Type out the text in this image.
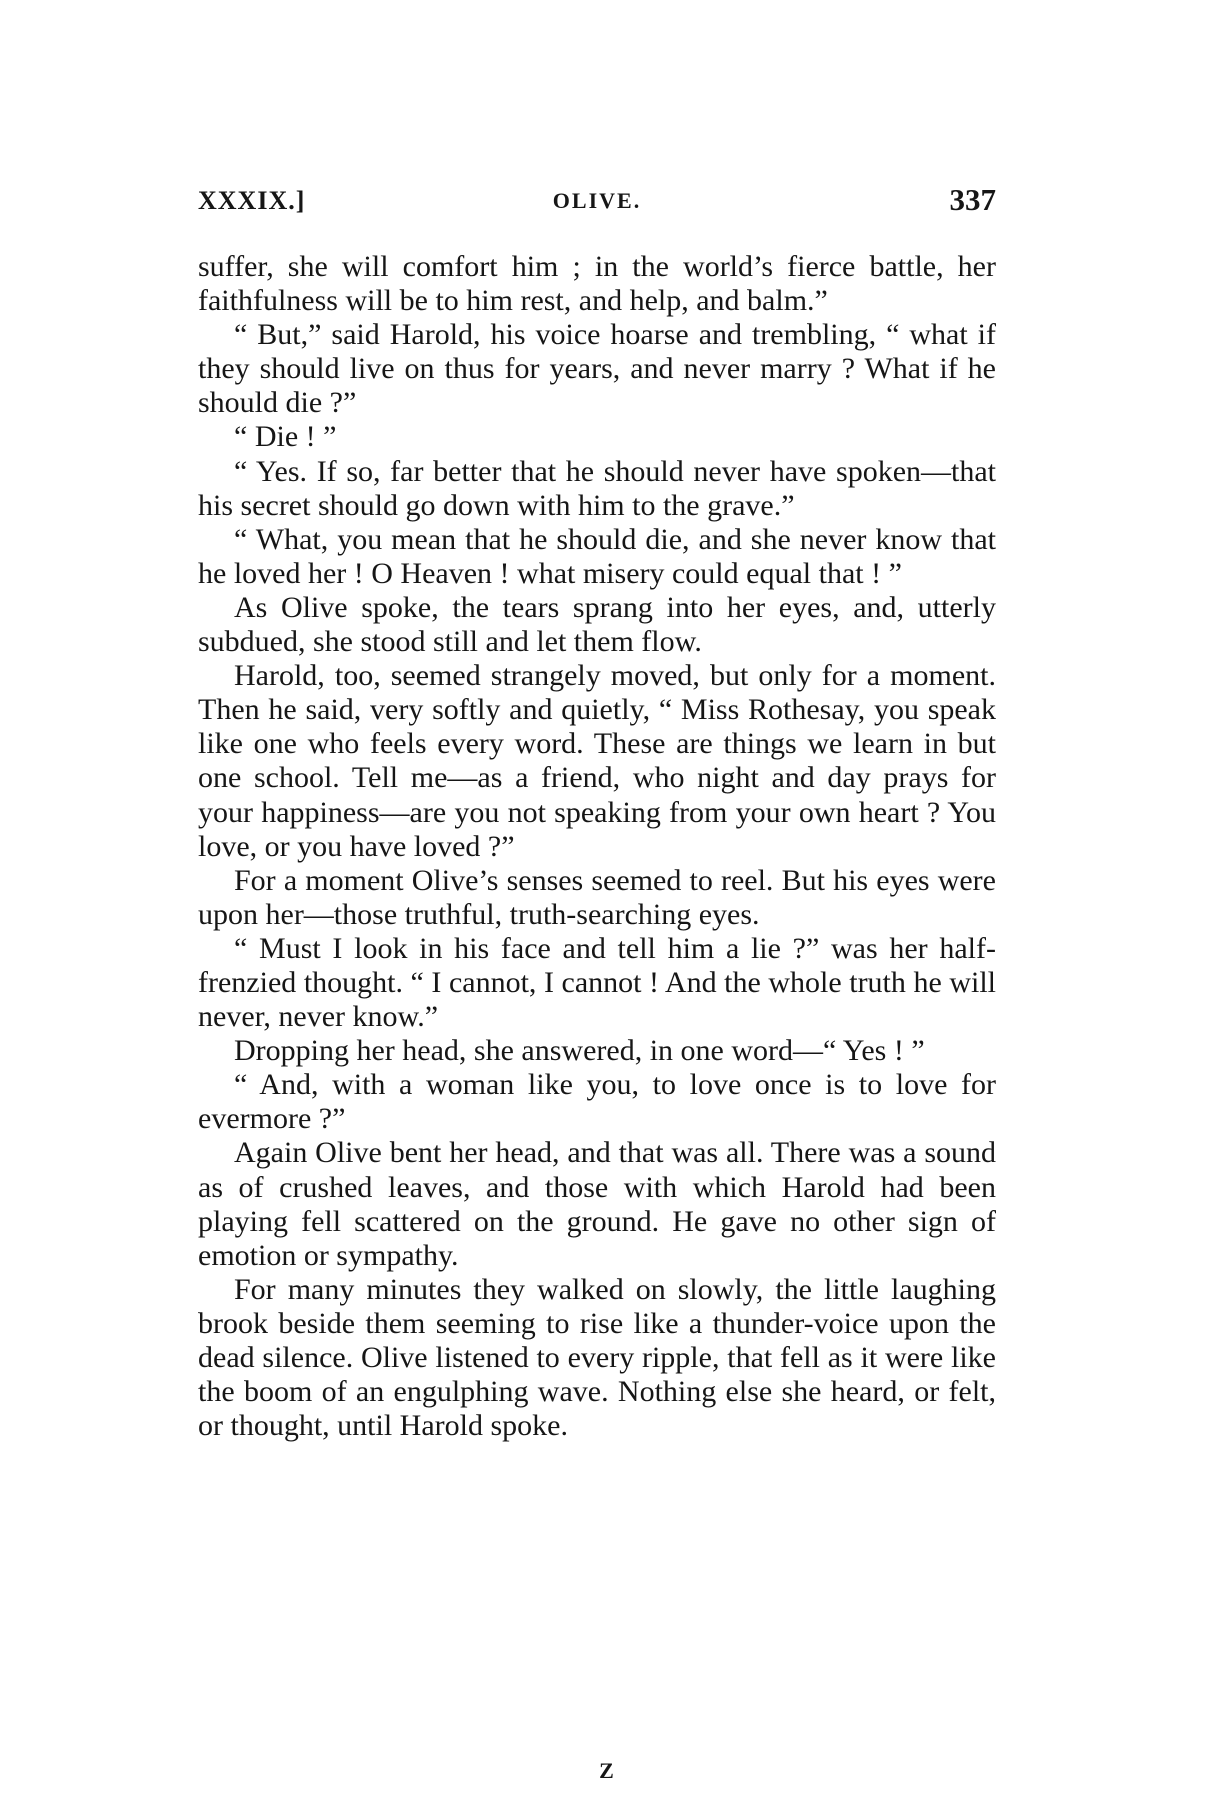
XXXIX.]	OLIVE.	337

suffer, she will comfort him ; in the world’s fierce battle, her faithfulness will be to him rest, and help, and balm.”

“ But,” said Harold, his voice hoarse and trembling, “ what if they should live on thus for years, and never marry ? What if he should die ?”

“ Die ! ”

“ Yes. If so, far better that he should never have spoken—that his secret should go down with him to the grave.”

“ What, you mean that he should die, and she never know that he loved her ! O Heaven ! what misery could equal that ! ”

As Olive spoke, the tears sprang into her eyes, and, utterly subdued, she stood still and let them flow.

Harold, too, seemed strangely moved, but only for a moment. Then he said, very softly and quietly, “ Miss Rothesay, you speak like one who feels every word. These are things we learn in but one school. Tell me—as a friend, who night and day prays for your happiness—are you not speaking from your own heart ? You love, or you have loved ?”

For a moment Olive’s senses seemed to reel. But his eyes were upon her—those truthful, truth-searching eyes.

“ Must I look in his face and tell him a lie ?” was her half-frenzied thought. “ I cannot, I cannot ! And the whole truth he will never, never know.”

Dropping her head, she answered, in one word—“ Yes ! ”

“ And, with a woman like you, to love once is to love for evermore ?”

Again Olive bent her head, and that was all. There was a sound as of crushed leaves, and those with which Harold had been playing fell scattered on the ground. He gave no other sign of emotion or sympathy.

For many minutes they walked on slowly, the little laughing brook beside them seeming to rise like a thunder-voice upon the dead silence. Olive listened to every ripple, that fell as it were like the boom of an engulphing wave. Nothing else she heard, or felt, or thought, until Harold spoke.

Z
